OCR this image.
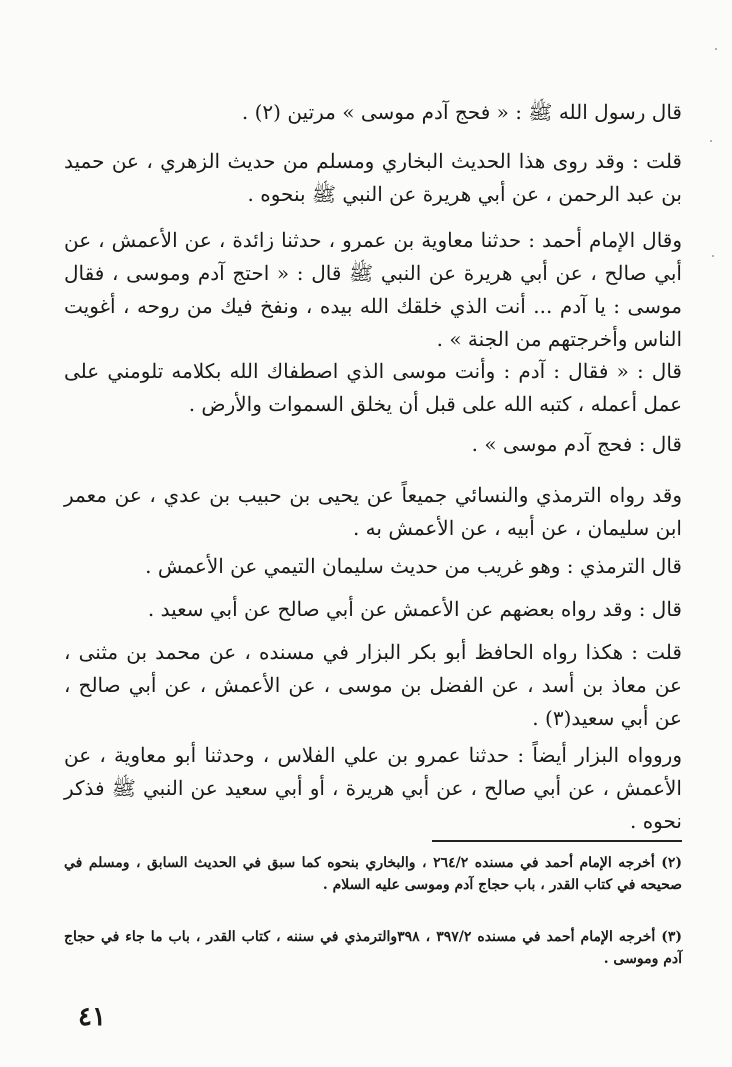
قال رسول الله ﷺ : « فحج آدم موسى » مرتين (٢) .

قلت : وقد روى هذا الحديث البخاري ومسلم من حديث الزهري ، عن حميد بن عبد الرحمن ، عن أبي هريرة عن النبي ﷺ بنحوه .

وقال الإمام أحمد : حدثنا معاوية بن عمرو ، حدثنا زائدة ، عن الأعمش ، عن أبي صالح ، عن أبي هريرة عن النبي ﷺ قال : « احتج آدم وموسى ، فقال موسى : يا آدم ... أنت الذي خلقك الله بيده ، ونفخ فيك من روحه ، أغويت الناس وأخرجتهم من الجنة » .

قال : « فقال : آدم : وأنت موسى الذي اصطفاك الله بكلامه تلومني على عمل أعمله ، كتبه الله على قبل أن يخلق السموات والأرض .

قال : فحج آدم موسى » .

وقد رواه الترمذي والنسائي جميعاً عن يحيى بن حبيب بن عدي ، عن معمر ابن سليمان ، عن أبيه ، عن الأعمش به .

قال الترمذي : وهو غريب من حديث سليمان التيمي عن الأعمش .

قال : وقد رواه بعضهم عن الأعمش عن أبي صالح عن أبي سعيد .

قلت : هكذا رواه الحافظ أبو بكر البزار في مسنده ، عن محمد بن مثنى ، عن معاذ بن أسد ، عن الفضل بن موسى ، عن الأعمش ، عن أبي صالح ، عن أبي سعيد(٣) .

وروواه البزار أيضاً : حدثنا عمرو بن علي الفلاس ، وحدثنا أبو معاوية ، عن الأعمش ، عن أبي صالح ، عن أبي هريرة ، أو أبي سعيد عن النبي ﷺ فذكر نحوه .

(٢) أخرجه الإمام أحمد في مسنده ٢٦٤/٢ ، والبخاري بنحوه كما سبق في الحديث السابق ، ومسلم في صحيحه في كتاب القدر ، باب حجاج آدم وموسى عليه السلام .

(٣) أخرجه الإمام أحمد في مسنده ٣٩٧/٢ ، ٣٩٨والترمذي في سننه ، كتاب القدر ، باب ما جاء في حجاج آدم وموسى .

٤١
